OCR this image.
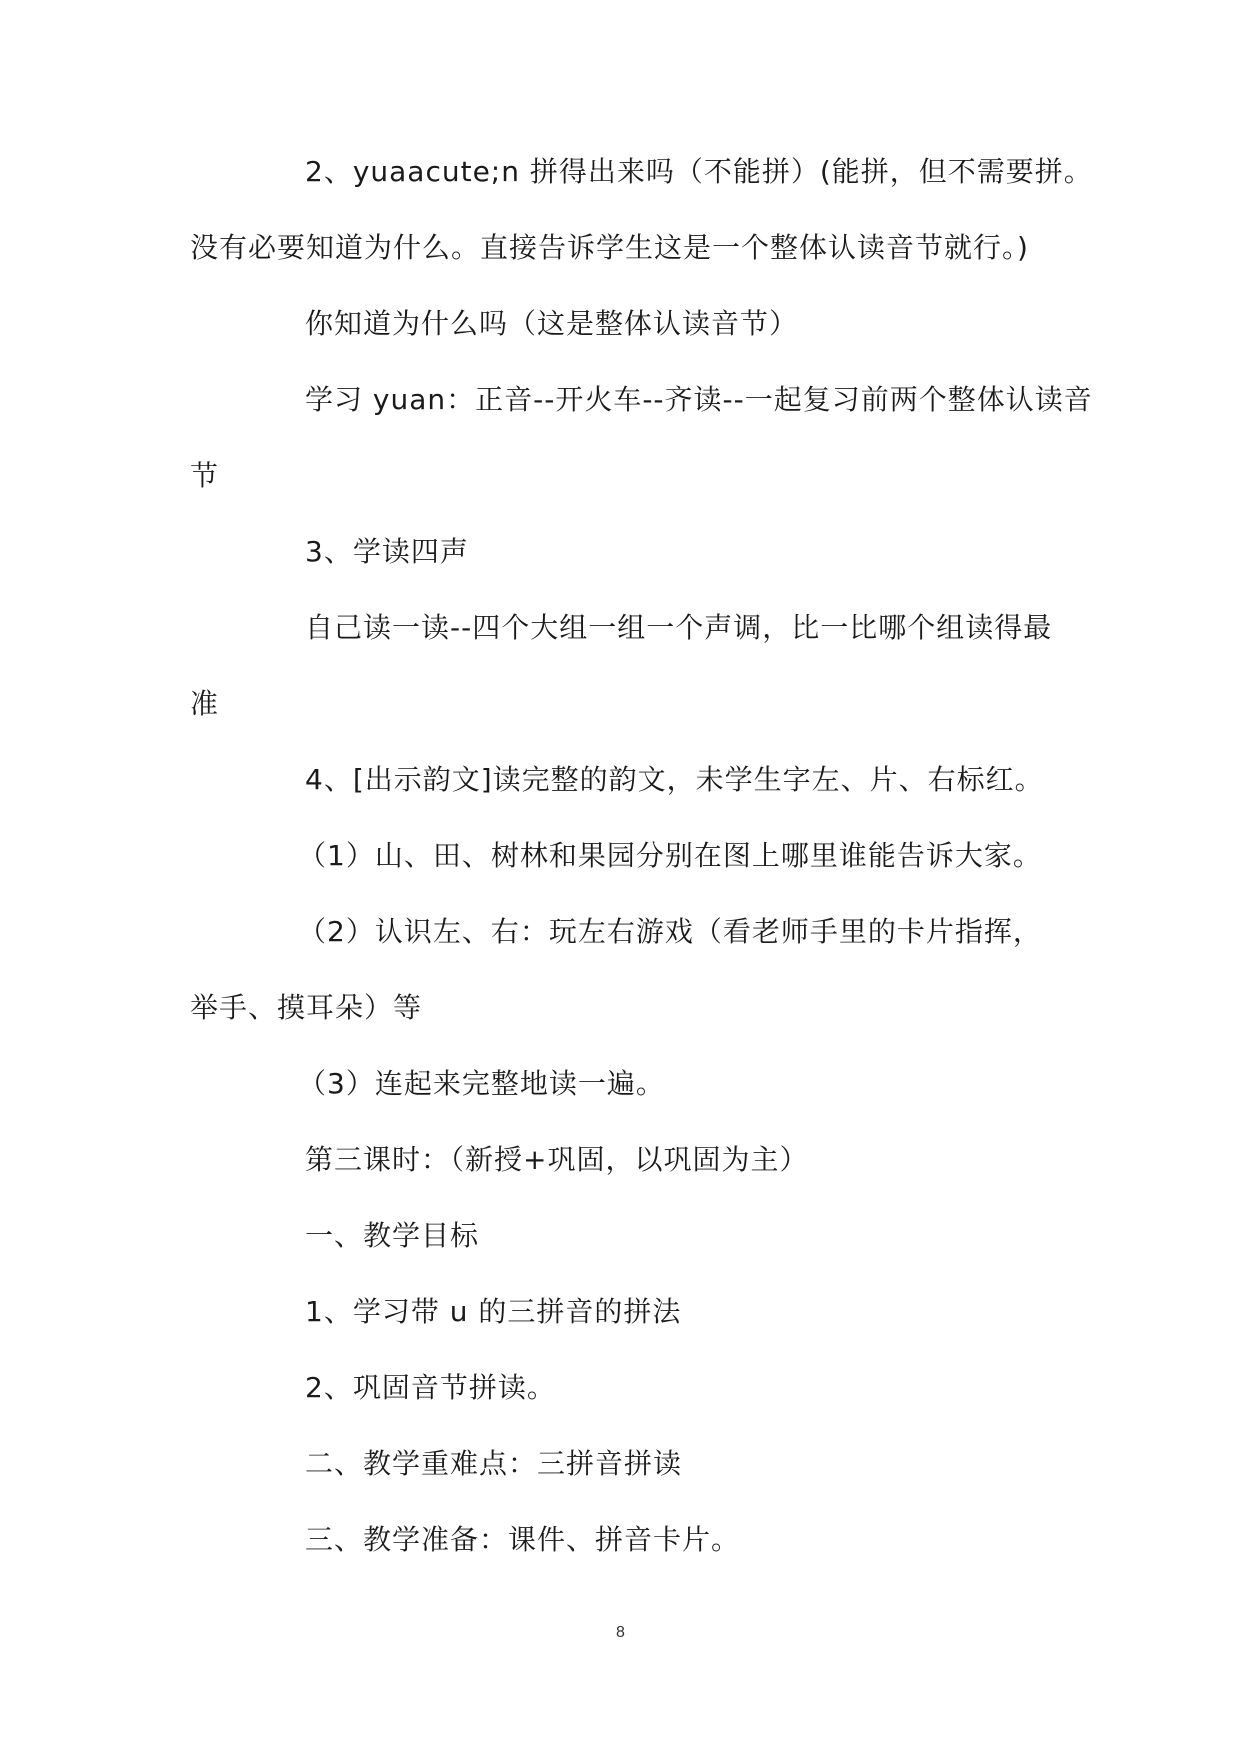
2、yuaacute;n 拼得出来吗（不能拼）(能拼，但不需要拼。
没有必要知道为什么。直接告诉学生这是一个整体认读音节就行。)
你知道为什么吗（这是整体认读音节）
学习 yuan：正音--开火车--齐读--一起复习前两个整体认读音
节
3、学读四声
自己读一读--四个大组一组一个声调，比一比哪个组读得最
准
4、[出示韵文]读完整的韵文，未学生字左、片、右标红。
（1）山、田、树林和果园分别在图上哪里谁能告诉大家。
（2）认识左、右：玩左右游戏（看老师手里的卡片指挥，
举手、摸耳朵）等
（3）连起来完整地读一遍。
第三课时：（新授+巩固，以巩固为主）
一、教学目标
1、学习带 u 的三拼音的拼法
2、巩固音节拼读。
二、教学重难点：三拼音拼读
三、教学准备：课件、拼音卡片。
8
